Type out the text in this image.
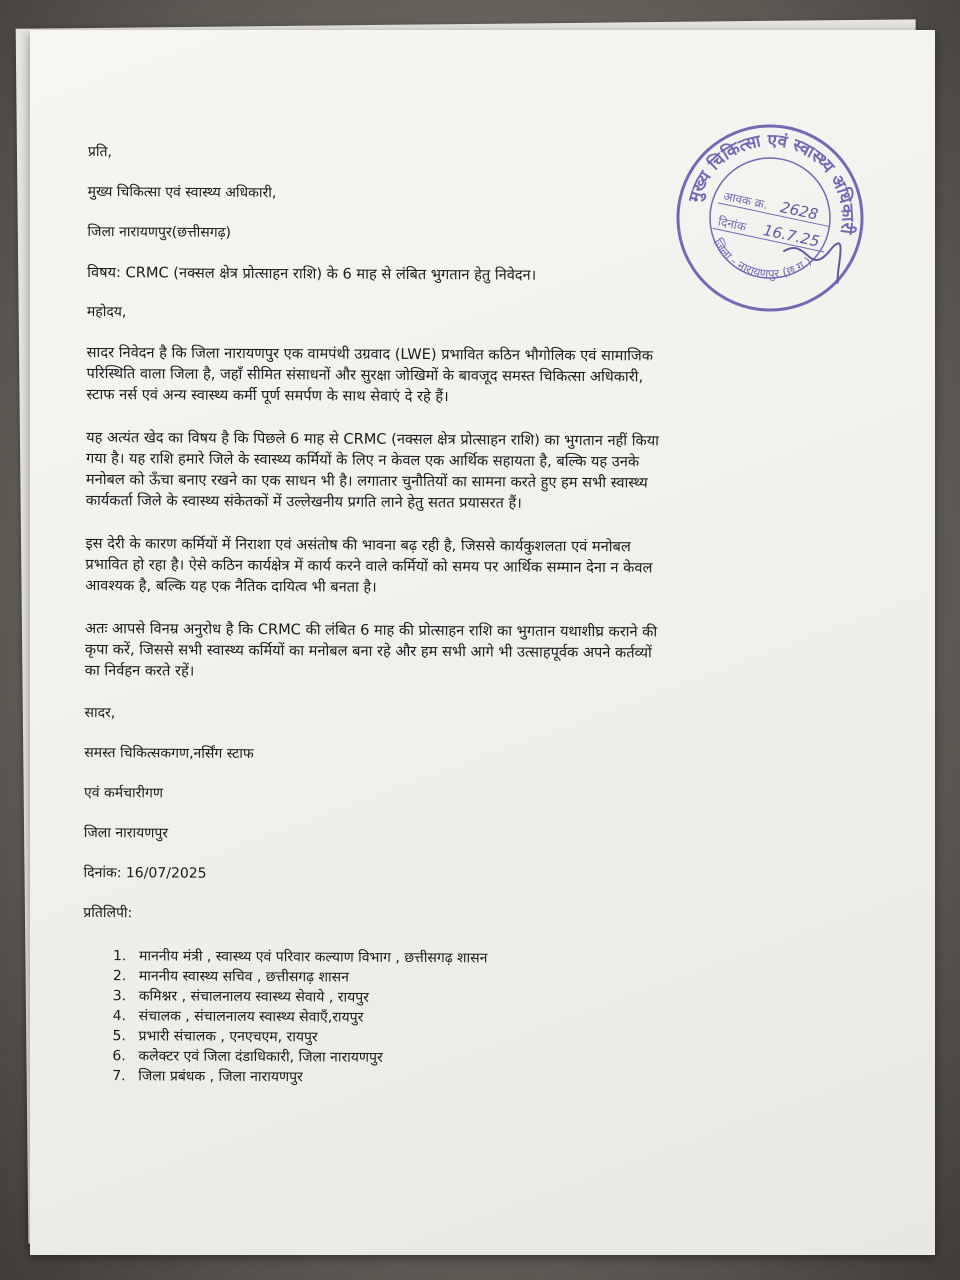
मुख्य चिकित्सा एवं स्वास्थ्य अधिकारी
जिला - नारायणपुर (छ.ग.)
आवक क्र. 2628
दिनांक 16.7.25
प्रति,
मुख्य चिकित्सा एवं स्वास्थ्य अधिकारी,
जिला नारायणपुर(छत्तीसगढ़)
विषय: CRMC (नक्सल क्षेत्र प्रोत्साहन राशि) के 6 माह से लंबित भुगतान हेतु निवेदन।
महोदय,
सादर निवेदन है कि जिला नारायणपुर एक वामपंथी उग्रवाद (LWE) प्रभावित कठिन भौगोलिक एवं सामाजिक
परिस्थिति वाला जिला है, जहाँ सीमित संसाधनों और सुरक्षा जोखिमों के बावजूद समस्त चिकित्सा अधिकारी,
स्टाफ नर्स एवं अन्य स्वास्थ्य कर्मी पूर्ण समर्पण के साथ सेवाएं दे रहे हैं।
यह अत्यंत खेद का विषय है कि पिछले 6 माह से CRMC (नक्सल क्षेत्र प्रोत्साहन राशि) का भुगतान नहीं किया
गया है। यह राशि हमारे जिले के स्वास्थ्य कर्मियों के लिए न केवल एक आर्थिक सहायता है, बल्कि यह उनके
मनोबल को ऊँचा बनाए रखने का एक साधन भी है। लगातार चुनौतियों का सामना करते हुए हम सभी स्वास्थ्य
कार्यकर्ता जिले के स्वास्थ्य संकेतकों में उल्लेखनीय प्रगति लाने हेतु सतत प्रयासरत हैं।
इस देरी के कारण कर्मियों में निराशा एवं असंतोष की भावना बढ़ रही है, जिससे कार्यकुशलता एवं मनोबल
प्रभावित हो रहा है। ऐसे कठिन कार्यक्षेत्र में कार्य करने वाले कर्मियों को समय पर आर्थिक सम्मान देना न केवल
आवश्यक है, बल्कि यह एक नैतिक दायित्व भी बनता है।
अतः आपसे विनम्र अनुरोध है कि CRMC की लंबित 6 माह की प्रोत्साहन राशि का भुगतान यथाशीघ्र कराने की
कृपा करें, जिससे सभी स्वास्थ्य कर्मियों का मनोबल बना रहे और हम सभी आगे भी उत्साहपूर्वक अपने कर्तव्यों
का निर्वहन करते रहें।
सादर,
समस्त चिकित्सकगण,नर्सिंग स्टाफ
एवं कर्मचारीगण
जिला नारायणपुर
दिनांक: 16/07/2025
प्रतिलिपी:
1. माननीय मंत्री , स्वास्थ्य एवं परिवार कल्याण विभाग , छत्तीसगढ़ शासन
2. माननीय स्वास्थ्य सचिव , छत्तीसगढ़ शासन
3. कमिश्नर , संचालनालय स्वास्थ्य सेवाये , रायपुर
4. संचालक , संचालनालय स्वास्थ्य सेवाएँ,रायपुर
5. प्रभारी संचालक , एनएचएम, रायपुर
6. कलेक्टर एवं जिला दंडाधिकारी, जिला नारायणपुर
7. जिला प्रबंधक , जिला नारायणपुर
